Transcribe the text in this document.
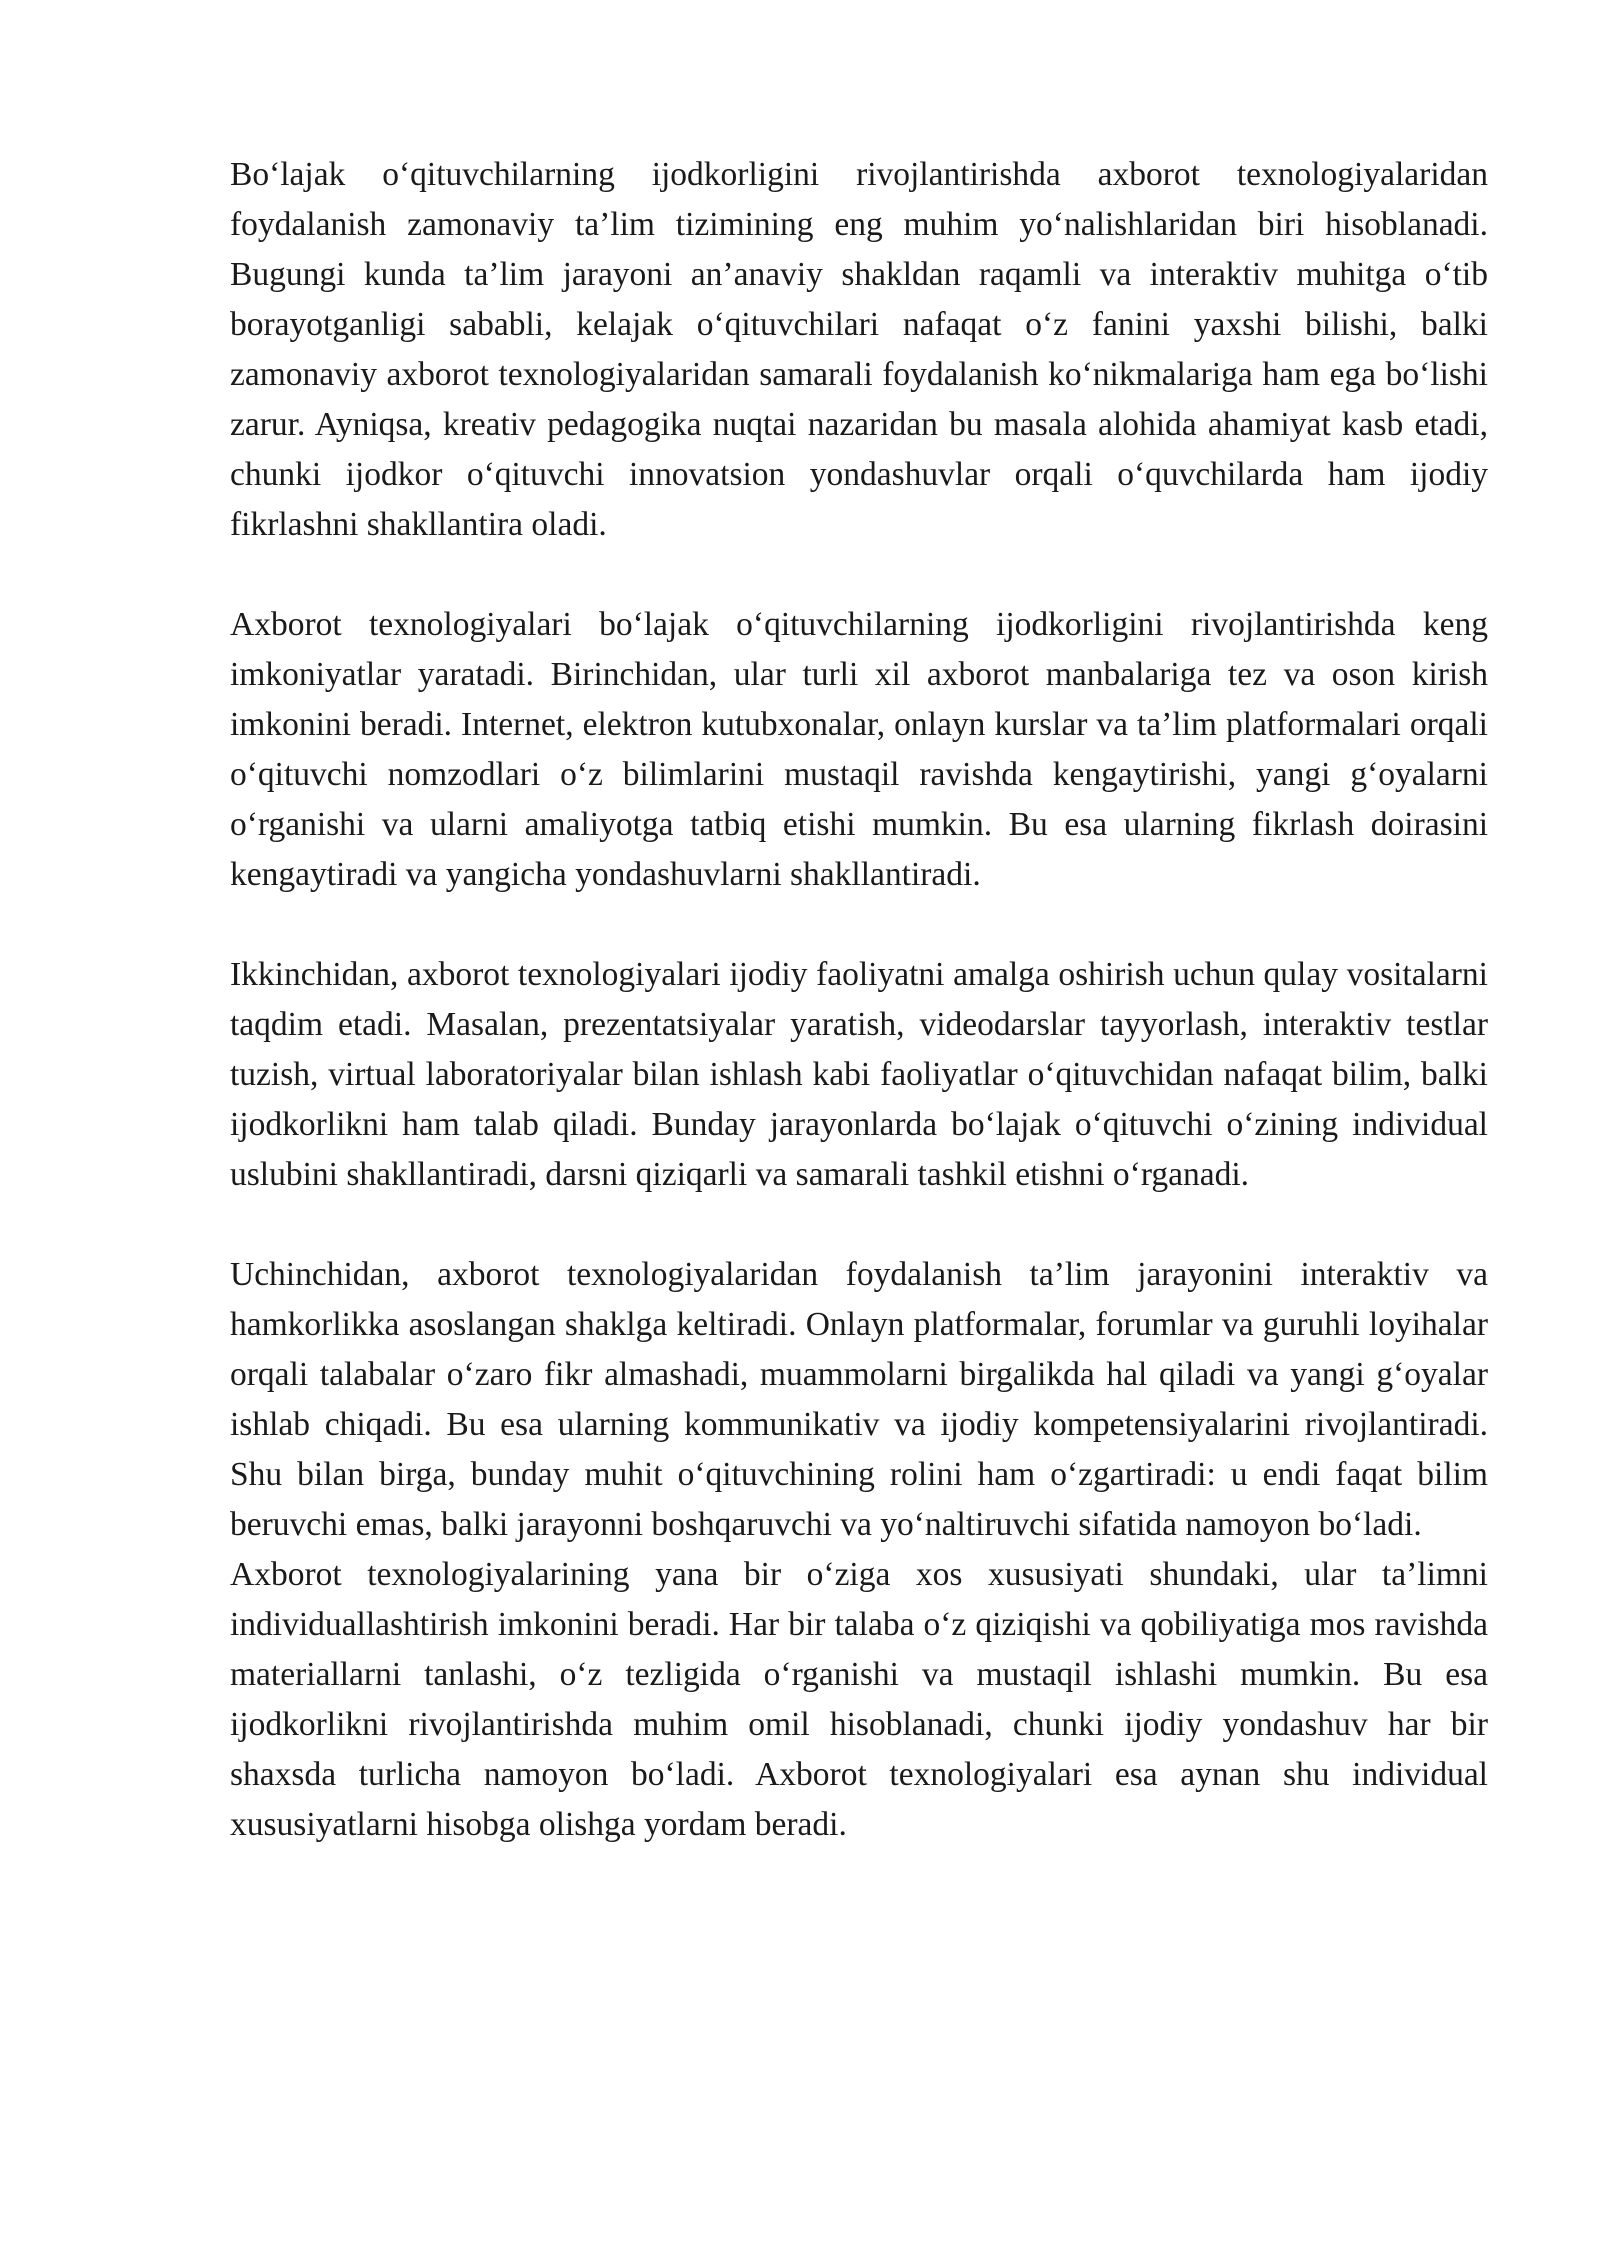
Bo‘lajak o‘qituvchilarning ijodkorligini rivojlantirishda axborot texnologiyalaridan foydalanish zamonaviy ta’lim tizimining eng muhim yo‘nalishlaridan biri hisoblanadi. Bugungi kunda ta’lim jarayoni an’anaviy shakldan raqamli va interaktiv muhitga o‘tib borayotganligi sababli, kelajak o‘qituvchilari nafaqat o‘z fanini yaxshi bilishi, balki zamonaviy axborot texnologiyalaridan samarali foydalanish ko‘nikmalariga ham ega bo‘lishi zarur. Ayniqsa, kreativ pedagogika nuqtai nazaridan bu masala alohida ahamiyat kasb etadi, chunki ijodkor o‘qituvchi innovatsion yondashuvlar orqali o‘quvchilarda ham ijodiy fikrlashni shakllantira oladi.

Axborot texnologiyalari bo‘lajak o‘qituvchilarning ijodkorligini rivojlantirishda keng imkoniyatlar yaratadi. Birinchidan, ular turli xil axborot manbalariga tez va oson kirish imkonini beradi. Internet, elektron kutubxonalar, onlayn kurslar va ta’lim platformalari orqali o‘qituvchi nomzodlari o‘z bilimlarini mustaqil ravishda kengaytirishi, yangi g‘oyalarni o‘rganishi va ularni amaliyotga tatbiq etishi mumkin. Bu esa ularning fikrlash doirasini kengaytiradi va yangicha yondashuvlarni shakllantiradi.

Ikkinchidan, axborot texnologiyalari ijodiy faoliyatni amalga oshirish uchun qulay vositalarni taqdim etadi. Masalan, prezentatsiyalar yaratish, videodarslar tayyorlash, interaktiv testlar tuzish, virtual laboratoriyalar bilan ishlash kabi faoliyatlar o‘qituvchidan nafaqat bilim, balki ijodkorlikni ham talab qiladi. Bunday jarayonlarda bo‘lajak o‘qituvchi o‘zining individual uslubini shakllantiradi, darsni qiziqarli va samarali tashkil etishni o‘rganadi.

Uchinchidan, axborot texnologiyalaridan foydalanish ta’lim jarayonini interaktiv va hamkorlikka asoslangan shaklga keltiradi. Onlayn platformalar, forumlar va guruhli loyihalar orqali talabalar o‘zaro fikr almashadi, muammolarni birgalikda hal qiladi va yangi g‘oyalar ishlab chiqadi. Bu esa ularning kommunikativ va ijodiy kompetensiyalarini rivojlantiradi. Shu bilan birga, bunday muhit o‘qituvchining rolini ham o‘zgartiradi: u endi faqat bilim beruvchi emas, balki jarayonni boshqaruvchi va yo‘naltiruvchi sifatida namoyon bo‘ladi.

Axborot texnologiyalarining yana bir o‘ziga xos xususiyati shundaki, ular ta’limni individuallashtirish imkonini beradi. Har bir talaba o‘z qiziqishi va qobiliyatiga mos ravishda materiallarni tanlashi, o‘z tezligida o‘rganishi va mustaqil ishlashi mumkin. Bu esa ijodkorlikni rivojlantirishda muhim omil hisoblanadi, chunki ijodiy yondashuv har bir shaxsda turlicha namoyon bo‘ladi. Axborot texnologiyalari esa aynan shu individual xususiyatlarni hisobga olishga yordam beradi.
